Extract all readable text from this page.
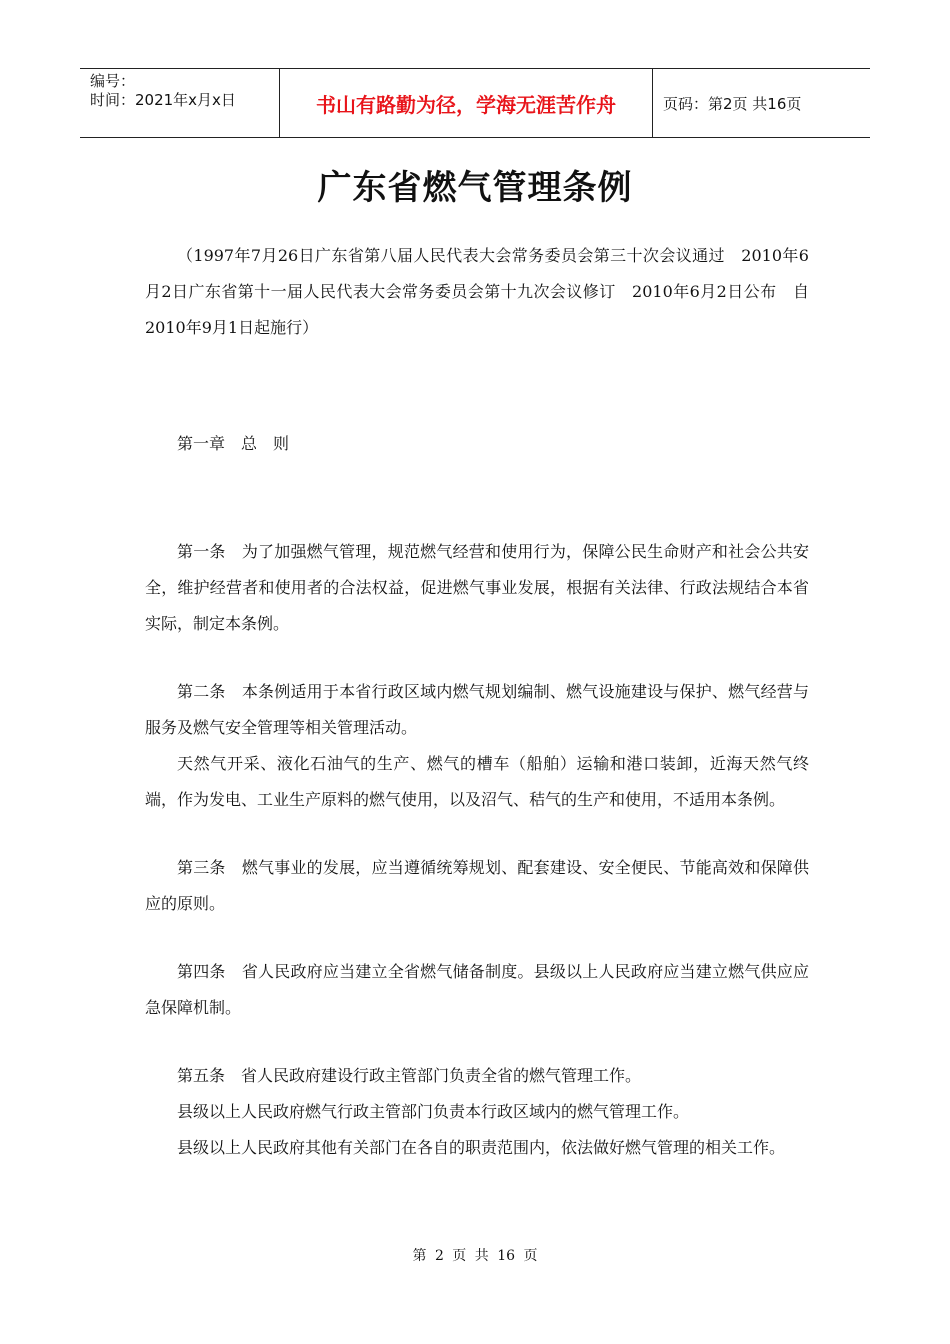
编号：
时间：2021年x月x日	书山有路勤为径，学海无涯苦作舟	页码：第2页 共16页
广东省燃气管理条例

（1997年7月26日广东省第八届人民代表大会常务委员会第三十次会议通过　2010年6月2日广东省第十一届人民代表大会常务委员会第十九次会议修订　2010年6月2日公布　自2010年9月1日起施行）

第一章　总　则

第一条　为了加强燃气管理，规范燃气经营和使用行为，保障公民生命财产和社会公共安全，维护经营者和使用者的合法权益，促进燃气事业发展，根据有关法律、行政法规结合本省实际，制定本条例。

第二条　本条例适用于本省行政区域内燃气规划编制、燃气设施建设与保护、燃气经营与服务及燃气安全管理等相关管理活动。

天然气开采、液化石油气的生产、燃气的槽车（船舶）运输和港口装卸，近海天然气终端，作为发电、工业生产原料的燃气使用，以及沼气、秸气的生产和使用，不适用本条例。

第三条　燃气事业的发展，应当遵循统筹规划、配套建设、安全便民、节能高效和保障供应的原则。

第四条　省人民政府应当建立全省燃气储备制度。县级以上人民政府应当建立燃气供应应急保障机制。

第五条　省人民政府建设行政主管部门负责全省的燃气管理工作。

县级以上人民政府燃气行政主管部门负责本行政区域内的燃气管理工作。

县级以上人民政府其他有关部门在各自的职责范围内，依法做好燃气管理的相关工作。

第 2 页 共 16 页
